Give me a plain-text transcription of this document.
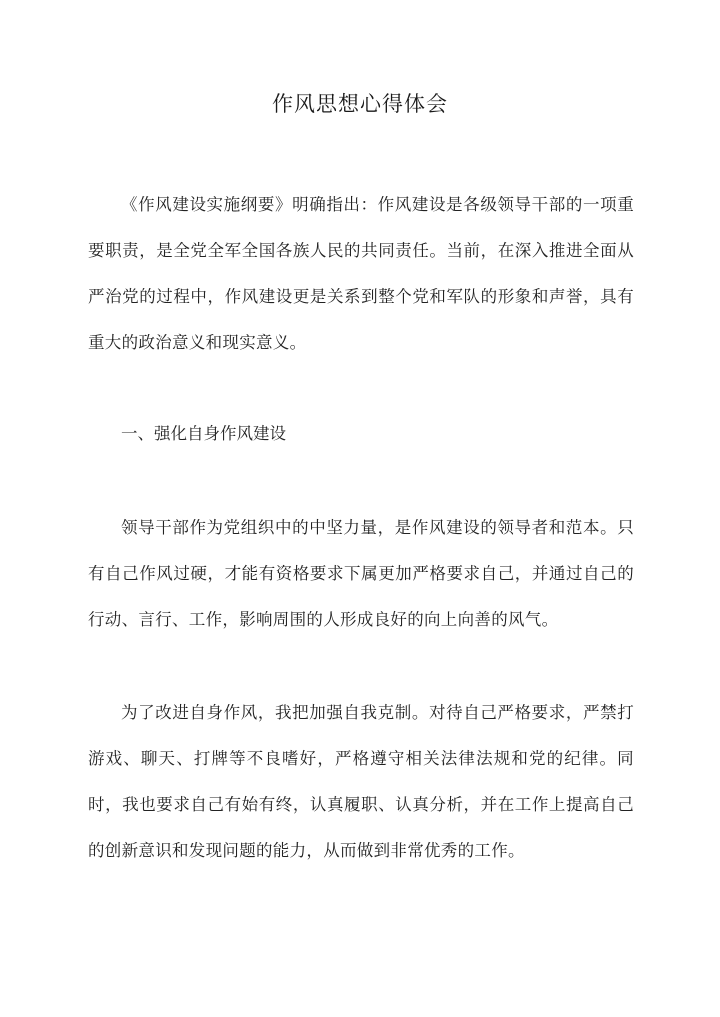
作风思想心得体会

《作风建设实施纲要》明确指出：作风建设是各级领导干部的一项重要职责，是全党全军全国各族人民的共同责任。当前，在深入推进全面从严治党的过程中，作风建设更是关系到整个党和军队的形象和声誉，具有重大的政治意义和现实意义。

一、强化自身作风建设

领导干部作为党组织中的中坚力量，是作风建设的领导者和范本。只有自己作风过硬，才能有资格要求下属更加严格要求自己，并通过自己的行动、言行、工作，影响周围的人形成良好的向上向善的风气。

为了改进自身作风，我把加强自我克制。对待自己严格要求，严禁打游戏、聊天、打牌等不良嗜好，严格遵守相关法律法规和党的纪律。同时，我也要求自己有始有终，认真履职、认真分析，并在工作上提高自己的创新意识和发现问题的能力，从而做到非常优秀的工作。
